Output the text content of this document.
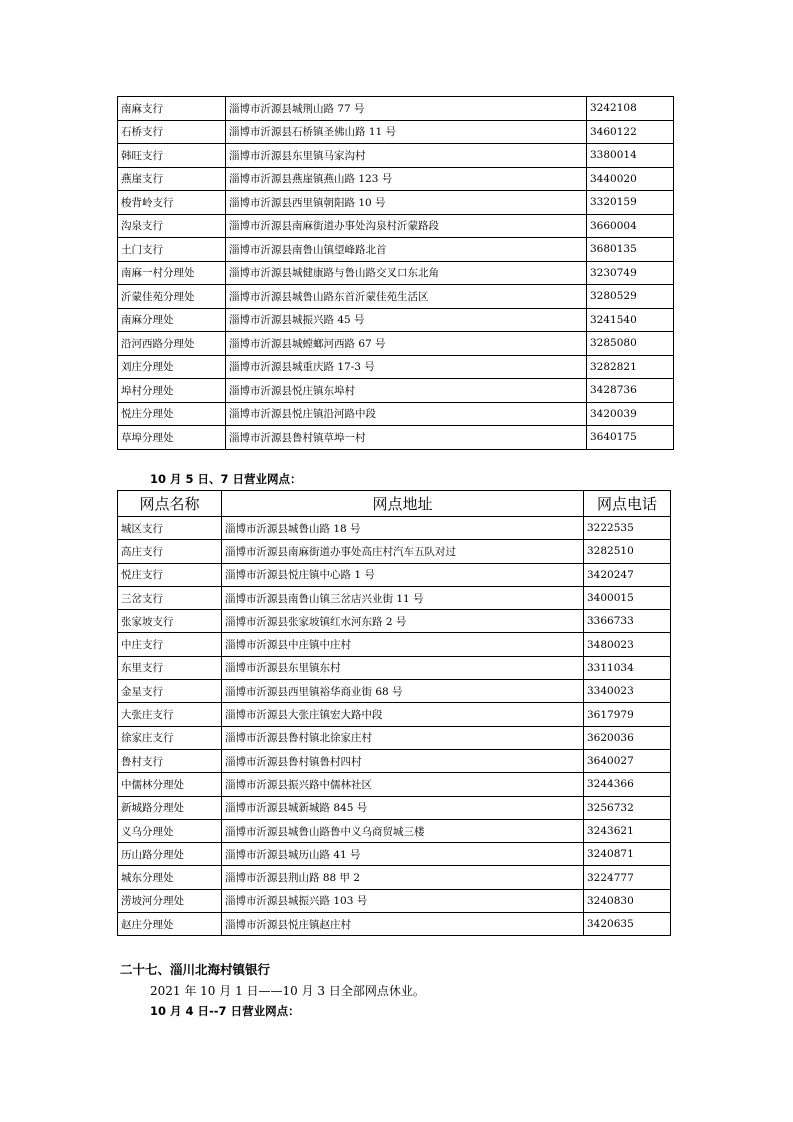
南麻支行	淄博市沂源县城荆山路 77 号	3242108
石桥支行	淄博市沂源县石桥镇圣佛山路 11 号	3460122
韩旺支行	淄博市沂源县东里镇马家沟村	3380014
燕崖支行	淄博市沂源县燕崖镇燕山路 123 号	3440020
梭背岭支行	淄博市沂源县西里镇朝阳路 10 号	3320159
沟泉支行	淄博市沂源县南麻街道办事处沟泉村沂蒙路段	3660004
土门支行	淄博市沂源县南鲁山镇望峰路北首	3680135
南麻一村分理处	淄博市沂源县城健康路与鲁山路交叉口东北角	3230749
沂蒙佳苑分理处	淄博市沂源县城鲁山路东首沂蒙佳苑生活区	3280529
南麻分理处	淄博市沂源县城振兴路 45 号	3241540
沿河西路分理处	淄博市沂源县城螳螂河西路 67 号	3285080
刘庄分理处	淄博市沂源县城重庆路 17-3 号	3282821
埠村分理处	淄博市沂源县悦庄镇东埠村	3428736
悦庄分理处	淄博市沂源县悦庄镇沿河路中段	3420039
草埠分理处	淄博市沂源县鲁村镇草埠一村	3640175
10 月 5 日、7 日营业网点：
网点名称	网点地址	网点电话
城区支行	淄博市沂源县城鲁山路 18 号	3222535
高庄支行	淄博市沂源县南麻街道办事处高庄村汽车五队对过	3282510
悦庄支行	淄博市沂源县悦庄镇中心路 1 号	3420247
三岔支行	淄博市沂源县南鲁山镇三岔店兴业街 11 号	3400015
张家坡支行	淄博市沂源县张家坡镇红水河东路 2 号	3366733
中庄支行	淄博市沂源县中庄镇中庄村	3480023
东里支行	淄博市沂源县东里镇东村	3311034
金星支行	淄博市沂源县西里镇裕华商业街 68 号	3340023
大张庄支行	淄博市沂源县大张庄镇宏大路中段	3617979
徐家庄支行	淄博市沂源县鲁村镇北徐家庄村	3620036
鲁村支行	淄博市沂源县鲁村镇鲁村四村	3640027
中儒林分理处	淄博市沂源县振兴路中儒林社区	3244366
新城路分理处	淄博市沂源县城新城路 845 号	3256732
义乌分理处	淄博市沂源县城鲁山路鲁中义乌商贸城三楼	3243621
历山路分理处	淄博市沂源县城历山路 41 号	3240871
城东分理处	淄博市沂源县荆山路 88 甲 2	3224777
涝坡河分理处	淄博市沂源县城振兴路 103 号	3240830
赵庄分理处	淄博市沂源县悦庄镇赵庄村	3420635
二十七、淄川北海村镇银行
2021 年 10 月 1 日——10 月 3 日全部网点休业。
10 月 4 日--7 日营业网点：
